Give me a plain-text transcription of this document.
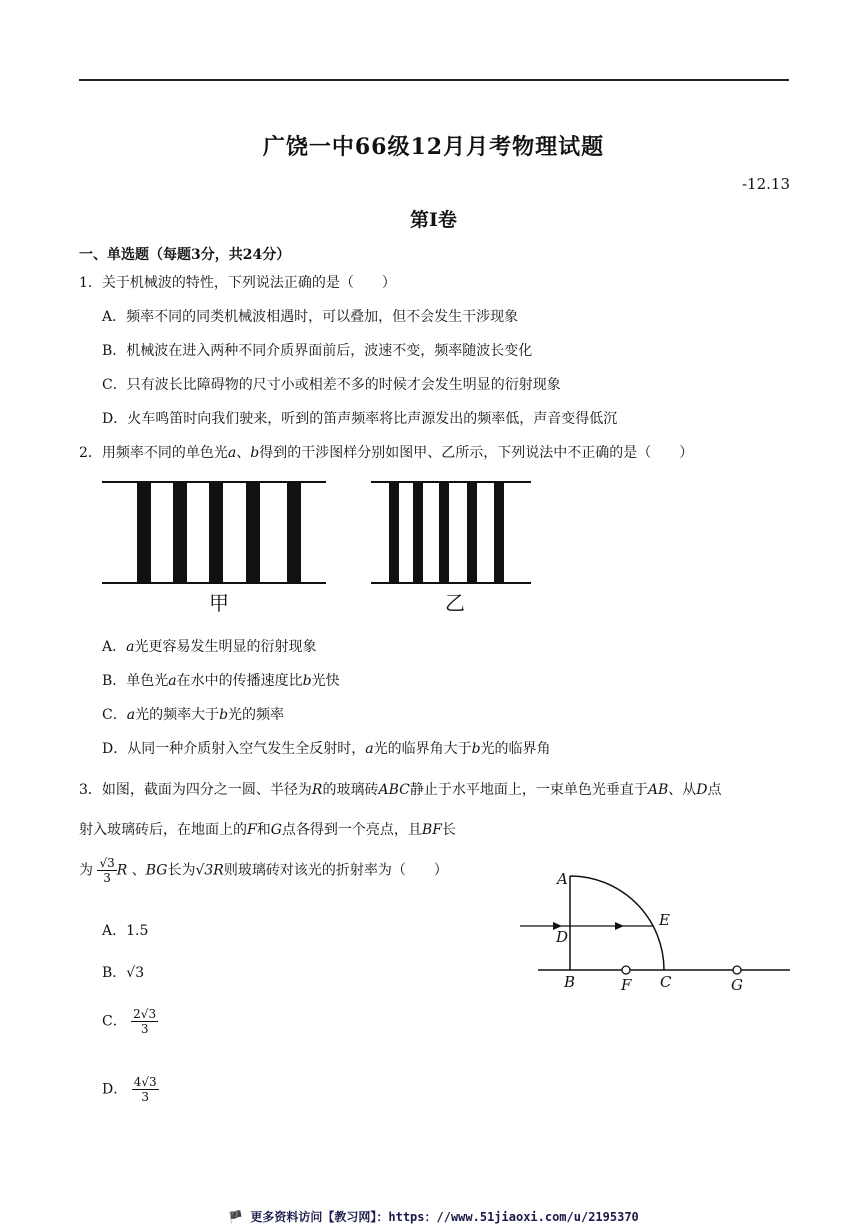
广饶一中66级12月月考物理试题
-12.13
第Ⅰ卷
一、单选题（每题3分，共24分）
1．关于机械波的特性，下列说法正确的是（　　）
A．频率不同的同类机械波相遇时，可以叠加，但不会发生干涉现象
B．机械波在进入两种不同介质界面前后，波速不变，频率随波长变化
C．只有波长比障碍物的尺寸小或相差不多的时候才会发生明显的衍射现象
D．火车鸣笛时向我们驶来，听到的笛声频率将比声源发出的频率低，声音变得低沉
2．用频率不同的单色光a、b得到的干涉图样分别如图甲、乙所示，下列说法中不正确的是（　　）
甲	乙
A．a光更容易发生明显的衍射现象
B．单色光a在水中的传播速度比b光快
C．a光的频率大于b光的频率
D．从同一种介质射入空气发生全反射时，a光的临界角大于b光的临界角
3．如图，截面为四分之一圆、半径为R的玻璃砖ABC静止于水平地面上，一束单色光垂直于AB、从D点
射入玻璃砖后，在地面上的F和G点各得到一个亮点，且BF长
为 $\frac{√3}{3}$ R 、BG长为√3R则玻璃砖对该光的折射率为（　　）
A．1.5
B．√3
C． $\frac{2√3}{3}$
D． $\frac{4√3}{3}$
A
D
B	F C	G
E
🏴 更多资料访问【教习网】：https：//www.51jiaoxi.com/u/2195370
